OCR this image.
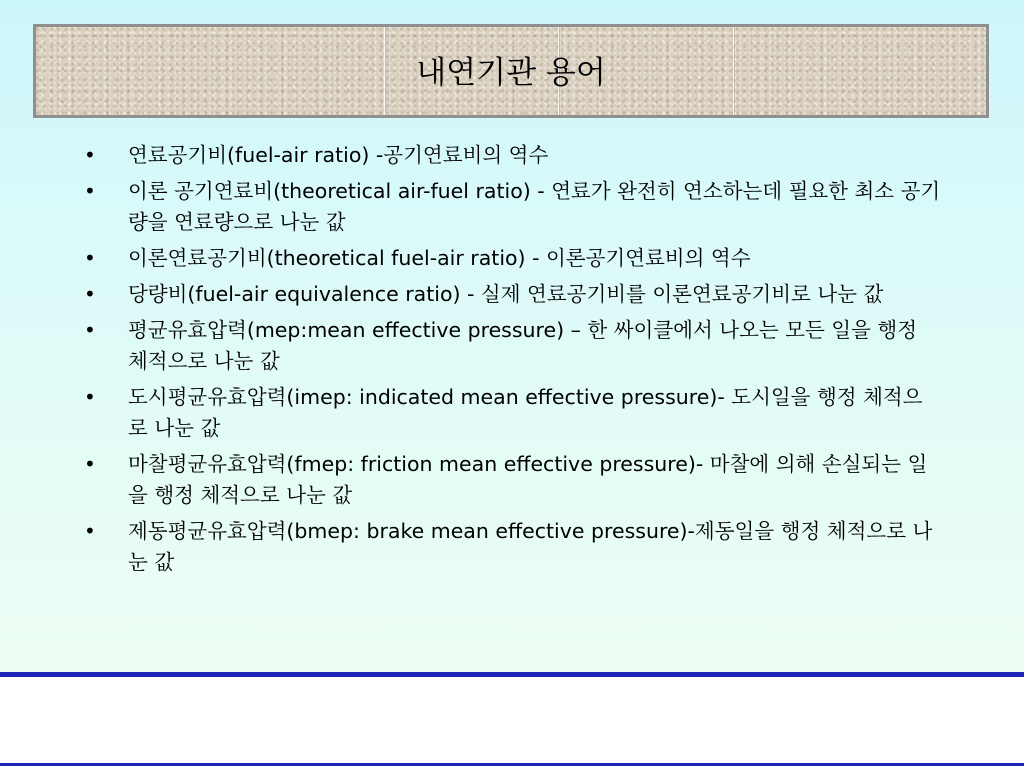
내연기관 용어
• 연료공기비(fuel-air ratio) -공기연료비의 역수
• 이론 공기연료비(theoretical air-fuel ratio) - 연료가 완전히 연소하는데 필요한 최소 공기량을 연료량으로 나눈 값
• 이론연료공기비(theoretical fuel-air ratio) - 이론공기연료비의 역수
• 당량비(fuel-air equivalence ratio) - 실제 연료공기비를 이론연료공기비로 나눈 값
• 평균유효압력(mep:mean effective pressure) – 한 싸이클에서 나오는 모든 일을 행정 체적으로 나눈 값
• 도시평균유효압력(imep: indicated mean effective pressure)- 도시일을 행정 체적으로 나눈 값
• 마찰평균유효압력(fmep: friction mean effective pressure)- 마찰에 의해 손실되는 일을 행정 체적으로 나눈 값
• 제동평균유효압력(bmep: brake mean effective pressure)-제동일을 행정 체적으로 나눈 값
